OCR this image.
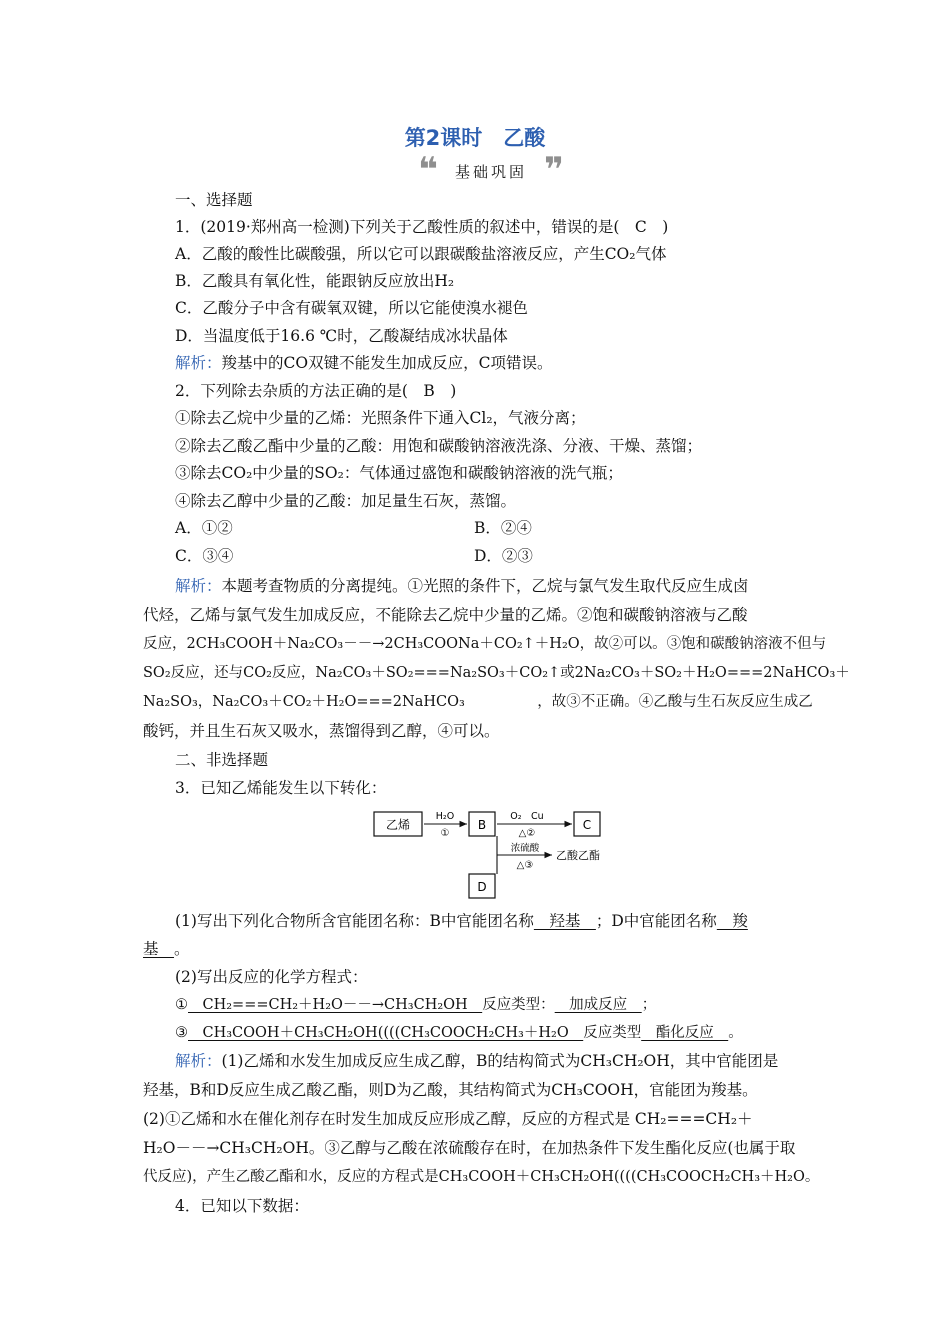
第2课时　乙酸
❝	基础巩固 ❞
一、选择题
1．(2019·郑州高一检测)下列关于乙酸性质的叙述中，错误的是(　C　)
A．乙酸的酸性比碳酸强，所以它可以跟碳酸盐溶液反应，产生CO₂气体
B．乙酸具有氧化性，能跟钠反应放出H₂
C．乙酸分子中含有碳氧双键，所以它能使溴水褪色
D．当温度低于16.6 ℃时，乙酸凝结成冰状晶体
解析：羧基中的CO双键不能发生加成反应，C项错误。
2．下列除去杂质的方法正确的是(　B　)
①除去乙烷中少量的乙烯：光照条件下通入Cl₂，气液分离；
②除去乙酸乙酯中少量的乙酸：用饱和碳酸钠溶液洗涤、分液、干燥、蒸馏；
③除去CO₂中少量的SO₂：气体通过盛饱和碳酸钠溶液的洗气瓶；
④除去乙醇中少量的乙酸：加足量生石灰，蒸馏。
A．①②	B．②④
C．③④	D．②③
解析：本题考查物质的分离提纯。①光照的条件下，乙烷与氯气发生取代反应生成卤
代烃，乙烯与氯气发生加成反应，不能除去乙烷中少量的乙烯。②饱和碳酸钠溶液与乙酸
反应，2CH₃COOH＋Na₂CO₃－－→2CH₃COONa＋CO₂↑＋H₂O，故②可以。③饱和碳酸钠溶液不但与
SO₂反应，还与CO₂反应，Na₂CO₃＋SO₂===Na₂SO₃＋CO₂↑或2Na₂CO₃＋SO₂＋H₂O===2NaHCO₃＋
Na₂SO₃，Na₂CO₃＋CO₂＋H₂O===2NaHCO₃　　　　　，故③不正确。④乙酸与生石灰反应生成乙
酸钙，并且生石灰又吸水，蒸馏得到乙醇，④可以。
二、非选择题
3．已知乙烯能发生以下转化：
乙烯	B	C
D
H₂O
①
O₂　Cu
△②
浓硫酸
△③
乙酸乙酯
(1)写出下列化合物所含官能团名称：B中官能团名称　羟基　；D中官能团名称　羧
基　。
(2)写出反应的化学方程式：
①　CH₂===CH₂＋H₂O－－→CH₃CH₂OH　反应类型：　加成反应　；
③　CH₃COOH＋CH₃CH₂OH((((CH₃COOCH₂CH₃＋H₂O　反应类型　酯化反应　。
解析：(1)乙烯和水发生加成反应生成乙醇，B的结构简式为CH₃CH₂OH，其中官能团是
羟基，B和D反应生成乙酸乙酯，则D为乙酸，其结构简式为CH₃COOH，官能团为羧基。
(2)①乙烯和水在催化剂存在时发生加成反应形成乙醇，反应的方程式是 CH₂===CH₂＋
H₂O－－→CH₃CH₂OH。③乙醇与乙酸在浓硫酸存在时，在加热条件下发生酯化反应(也属于取
代反应)，产生乙酸乙酯和水，反应的方程式是CH₃COOH＋CH₃CH₂OH((((CH₃COOCH₂CH₃＋H₂O。
4．已知以下数据：
